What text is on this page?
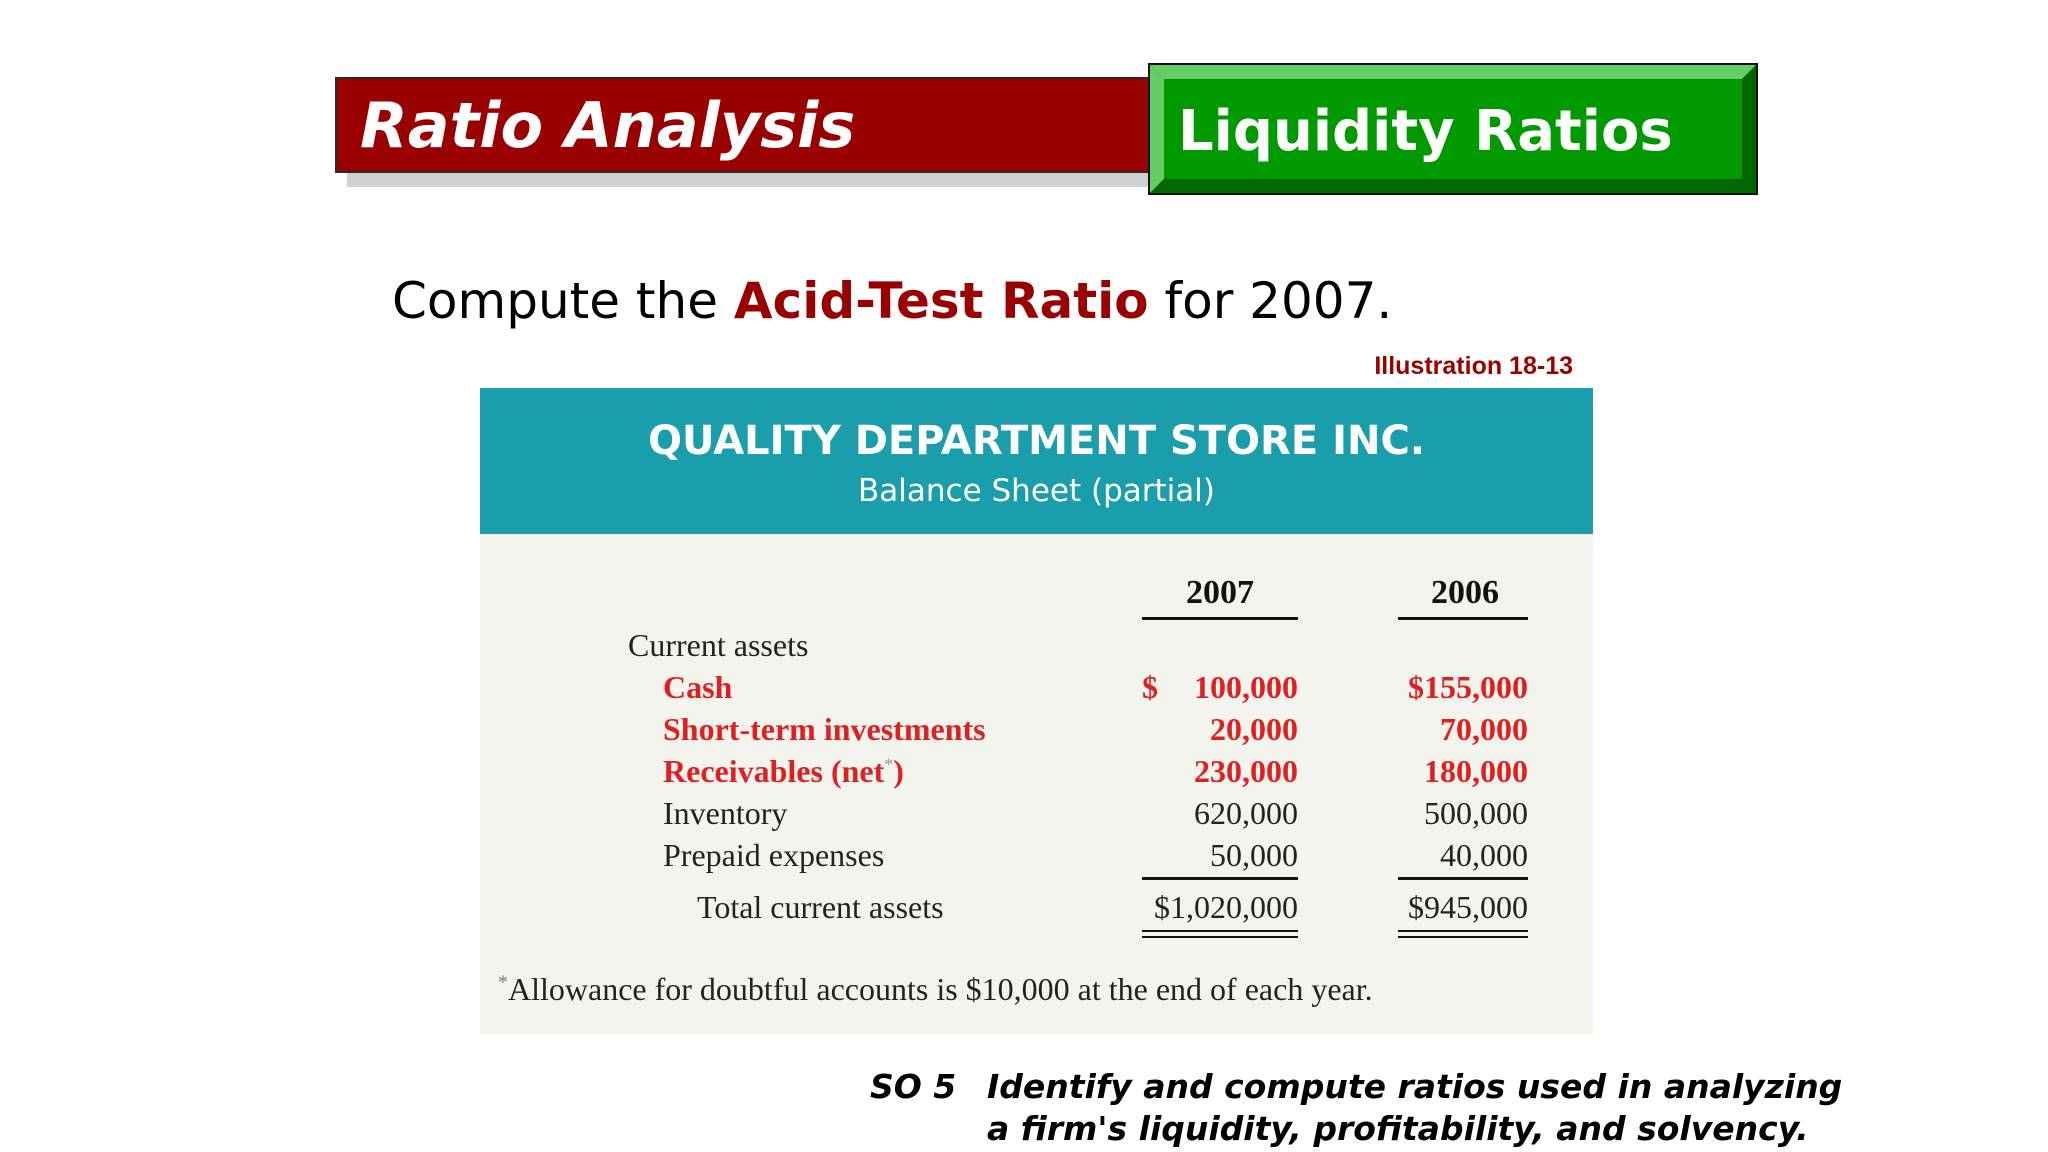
Ratio Analysis	Liquidity Ratios
Compute the Acid-Test Ratio for 2007.
Illustration 18-13
QUALITY DEPARTMENT STORE INC.
Balance Sheet (partial)
2007	2006
Current assets
Cash	$	100,000	$155,000
Short-term investments	20,000	70,000
Receivables (net*)	230,000	180,000
Inventory	620,000	500,000
Prepaid expenses	50,000	40,000
Total current assets	$1,020,000	$945,000
*Allowance for doubtful accounts is $10,000 at the end of each year.
SO 5 Identify and compute ratios used in analyzing
a firm's liquidity, profitability, and solvency.
